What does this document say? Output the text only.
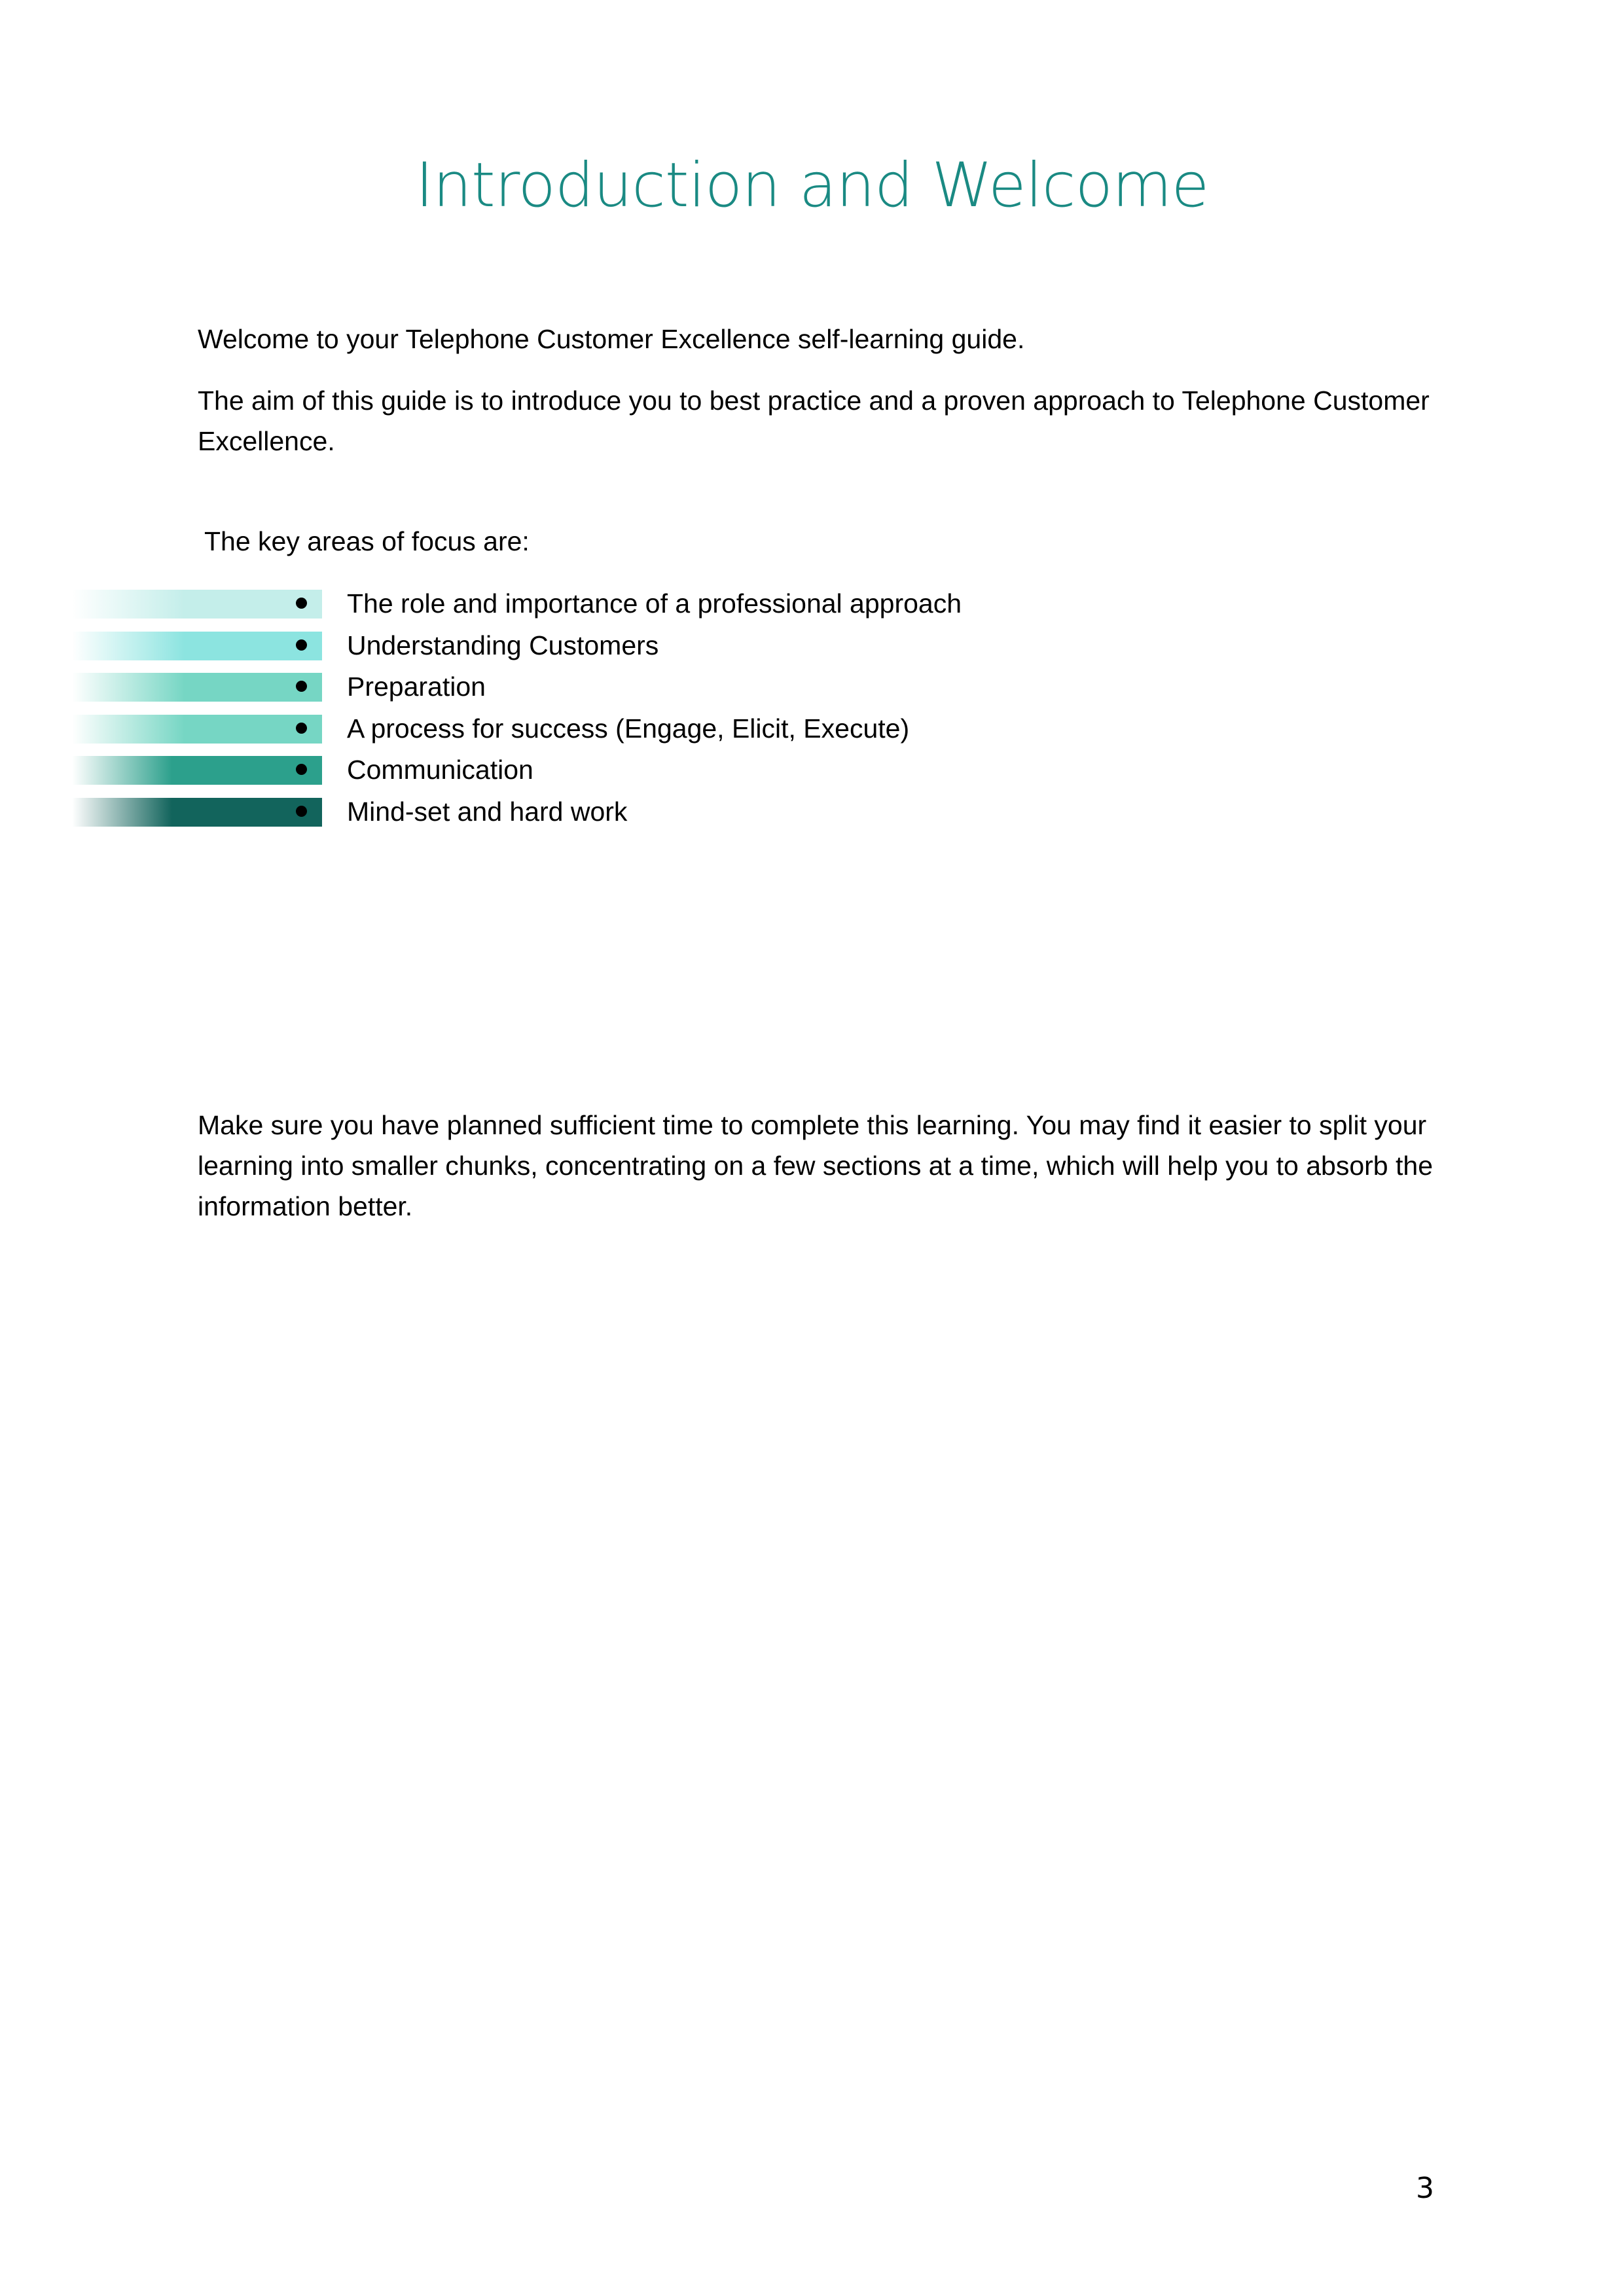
Introduction and Welcome

Welcome to your Telephone Customer Excellence self-learning guide.

The aim of this guide is to introduce you to best practice and a proven approach to Telephone Customer Excellence.

The key areas of focus are:

The role and importance of a professional approach
Understanding Customers
Preparation
A process for success (Engage, Elicit, Execute)
Communication
Mind-set and hard work

Make sure you have planned sufficient time to complete this learning. You may find it easier to split your learning into smaller chunks, concentrating on a few sections at a time, which will help you to absorb the information better.

3
